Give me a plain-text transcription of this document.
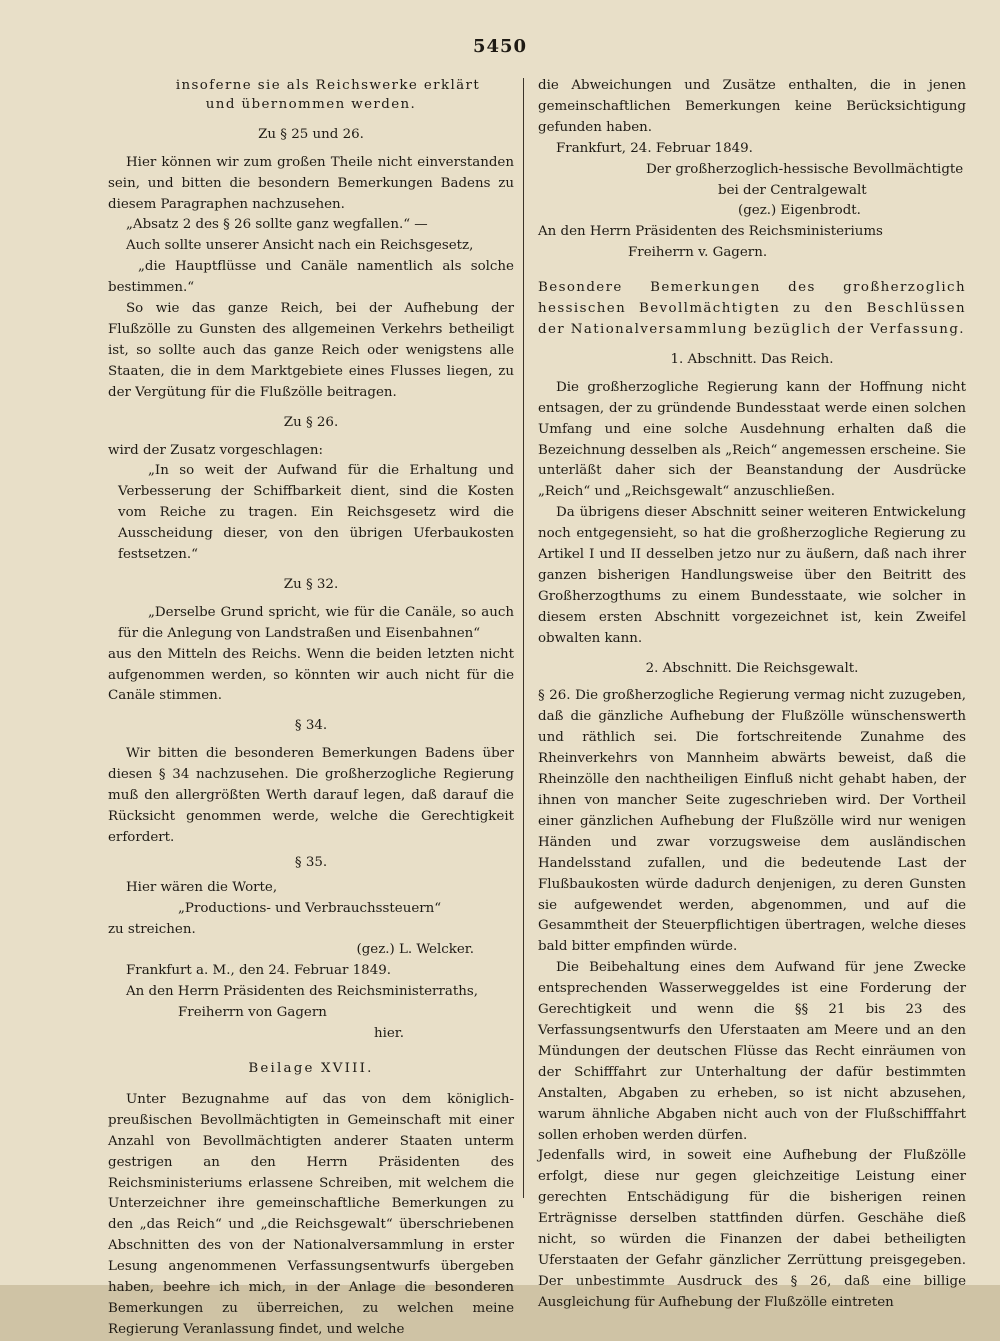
5450

insoferne sie als Reichswerke erklärt

und übernommen werden.

Zu § 25 und 26.

Hier können wir zum großen Theile nicht einverstanden sein, und bitten die besondern Bemerkungen Badens zu diesem Paragraphen nachzusehen.

„Absatz 2 des § 26 sollte ganz wegfallen.“ —

Auch sollte unserer Ansicht nach ein Reichsgesetz,

„die Hauptflüsse und Canäle namentlich als solche bestimmen.“

So wie das ganze Reich, bei der Aufhebung der Flußzölle zu Gunsten des allgemeinen Verkehrs betheiligt ist, so sollte auch das ganze Reich oder wenigstens alle Staaten, die in dem Marktgebiete eines Flusses liegen, zu der Vergütung für die Flußzölle beitragen.

Zu § 26.

wird der Zusatz vorgeschlagen:

„In so weit der Aufwand für die Erhaltung und Verbesserung der Schiffbarkeit dient, sind die Kosten vom Reiche zu tragen. Ein Reichsgesetz wird die Ausscheidung dieser, von den übrigen Uferbaukosten festsetzen.“

Zu § 32.

„Derselbe Grund spricht, wie für die Canäle, so auch für die Anlegung von Landstraßen und Eisenbahnen“

aus den Mitteln des Reichs. Wenn die beiden letzten nicht aufgenommen werden, so könnten wir auch nicht für die Canäle stimmen.

§ 34.

Wir bitten die besonderen Bemerkungen Badens über diesen § 34 nachzusehen. Die großherzogliche Regierung muß den allergrößten Werth darauf legen, daß darauf die Rücksicht genommen werde, welche die Gerechtigkeit erfordert.

§ 35.

Hier wären die Worte,

„Productions- und Verbrauchssteuern“

zu streichen.

(gez.) L. Welcker.

Frankfurt a. M., den 24. Februar 1849.

An den Herrn Präsidenten des Reichsministerraths,

Freiherrn von Gagern

hier.

Beilage XVIII.

Unter Bezugnahme auf das von dem königlich-preußischen Bevollmächtigten in Gemeinschaft mit einer Anzahl von Bevollmächtigten anderer Staaten unterm gestrigen an den Herrn Präsidenten des Reichsministeriums erlassene Schreiben, mit welchem die Unterzeichner ihre gemeinschaftliche Bemerkungen zu den „das Reich“ und „die Reichsgewalt“ überschriebenen Abschnitten des von der Nationalversammlung in erster Lesung angenommenen Verfassungsentwurfs übergeben haben, beehre ich mich, in der Anlage die besonderen Bemerkungen zu überreichen, zu welchen meine Regierung Veranlassung findet, und welche

die Abweichungen und Zusätze enthalten, die in jenen gemeinschaftlichen Bemerkungen keine Berücksichtigung gefunden haben.

Frankfurt, 24. Februar 1849.

Der großherzoglich-hessische Bevollmächtigte

bei der Centralgewalt

(gez.) Eigenbrodt.

An den Herrn Präsidenten des Reichsministeriums

Freiherrn v. Gagern.

Besondere Bemerkungen des großherzoglich hessischen Bevollmächtigten zu den Beschlüssen der Nationalversammlung bezüglich der Verfassung.

1. Abschnitt. Das Reich.

Die großherzogliche Regierung kann der Hoffnung nicht entsagen, der zu gründende Bundesstaat werde einen solchen Umfang und eine solche Ausdehnung erhalten daß die Bezeichnung desselben als „Reich“ angemessen erscheine. Sie unterläßt daher sich der Beanstandung der Ausdrücke „Reich“ und „Reichsgewalt“ anzuschließen.

Da übrigens dieser Abschnitt seiner weiteren Entwickelung noch entgegensieht, so hat die großherzogliche Regierung zu Artikel I und II desselben jetzo nur zu äußern, daß nach ihrer ganzen bisherigen Handlungsweise über den Beitritt des Großherzogthums zu einem Bundesstaate, wie solcher in diesem ersten Abschnitt vorgezeichnet ist, kein Zweifel obwalten kann.

2. Abschnitt. Die Reichsgewalt.

§ 26. Die großherzogliche Regierung vermag nicht zuzugeben, daß die gänzliche Aufhebung der Flußzölle wünschenswerth und räthlich sei. Die fortschreitende Zunahme des Rheinverkehrs von Mannheim abwärts beweist, daß die Rheinzölle den nachtheiligen Einfluß nicht gehabt haben, der ihnen von mancher Seite zugeschrieben wird. Der Vortheil einer gänzlichen Aufhebung der Flußzölle wird nur wenigen Händen und zwar vorzugsweise dem ausländischen Handelsstand zufallen, und die bedeutende Last der Flußbaukosten würde dadurch denjenigen, zu deren Gunsten sie aufgewendet werden, abgenommen, und auf die Gesammtheit der Steuerpflichtigen übertragen, welche dieses bald bitter empfinden würde.

Die Beibehaltung eines dem Aufwand für jene Zwecke entsprechenden Wasserweggeldes ist eine Forderung der Gerechtigkeit und wenn die §§ 21 bis 23 des Verfassungsentwurfs den Uferstaaten am Meere und an den Mündungen der deutschen Flüsse das Recht einräumen von der Schifffahrt zur Unterhaltung der dafür bestimmten Anstalten, Abgaben zu erheben, so ist nicht abzusehen, warum ähnliche Abgaben nicht auch von der Flußschifffahrt sollen erhoben werden dürfen.

Jedenfalls wird, in soweit eine Aufhebung der Flußzölle erfolgt, diese nur gegen gleichzeitige Leistung einer gerechten Entschädigung für die bisherigen reinen Erträgnisse derselben stattfinden dürfen. Geschähe dieß nicht, so würden die Finanzen der dabei betheiligten Uferstaaten der Gefahr gänzlicher Zerrüttung preisgegeben. Der unbestimmte Ausdruck des § 26, daß eine billige Ausgleichung für Aufhebung der Flußzölle eintreten
